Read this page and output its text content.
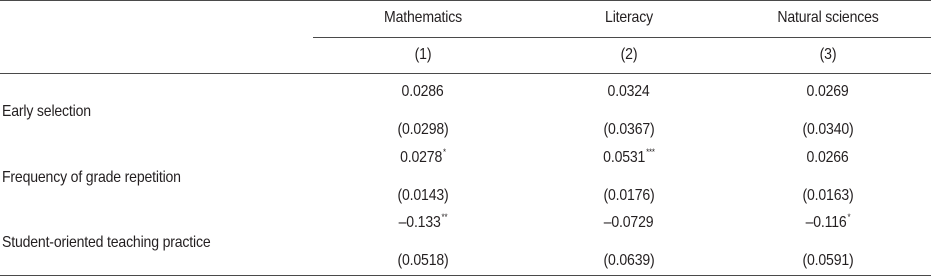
Mathematics	Literacy	Natural sciences
(1)	(2)	(3)
Early selection
0.0286	0.0324	0.0269
(0.0298)	(0.0367)	(0.0340)
Frequency of grade repetition
0.0278*	0.0531***	0.0266
(0.0143)	(0.0176)	(0.0163)
Student-oriented teaching practice
–0.133**	–0.0729	–0.116*
(0.0518)	(0.0639)	(0.0591)
